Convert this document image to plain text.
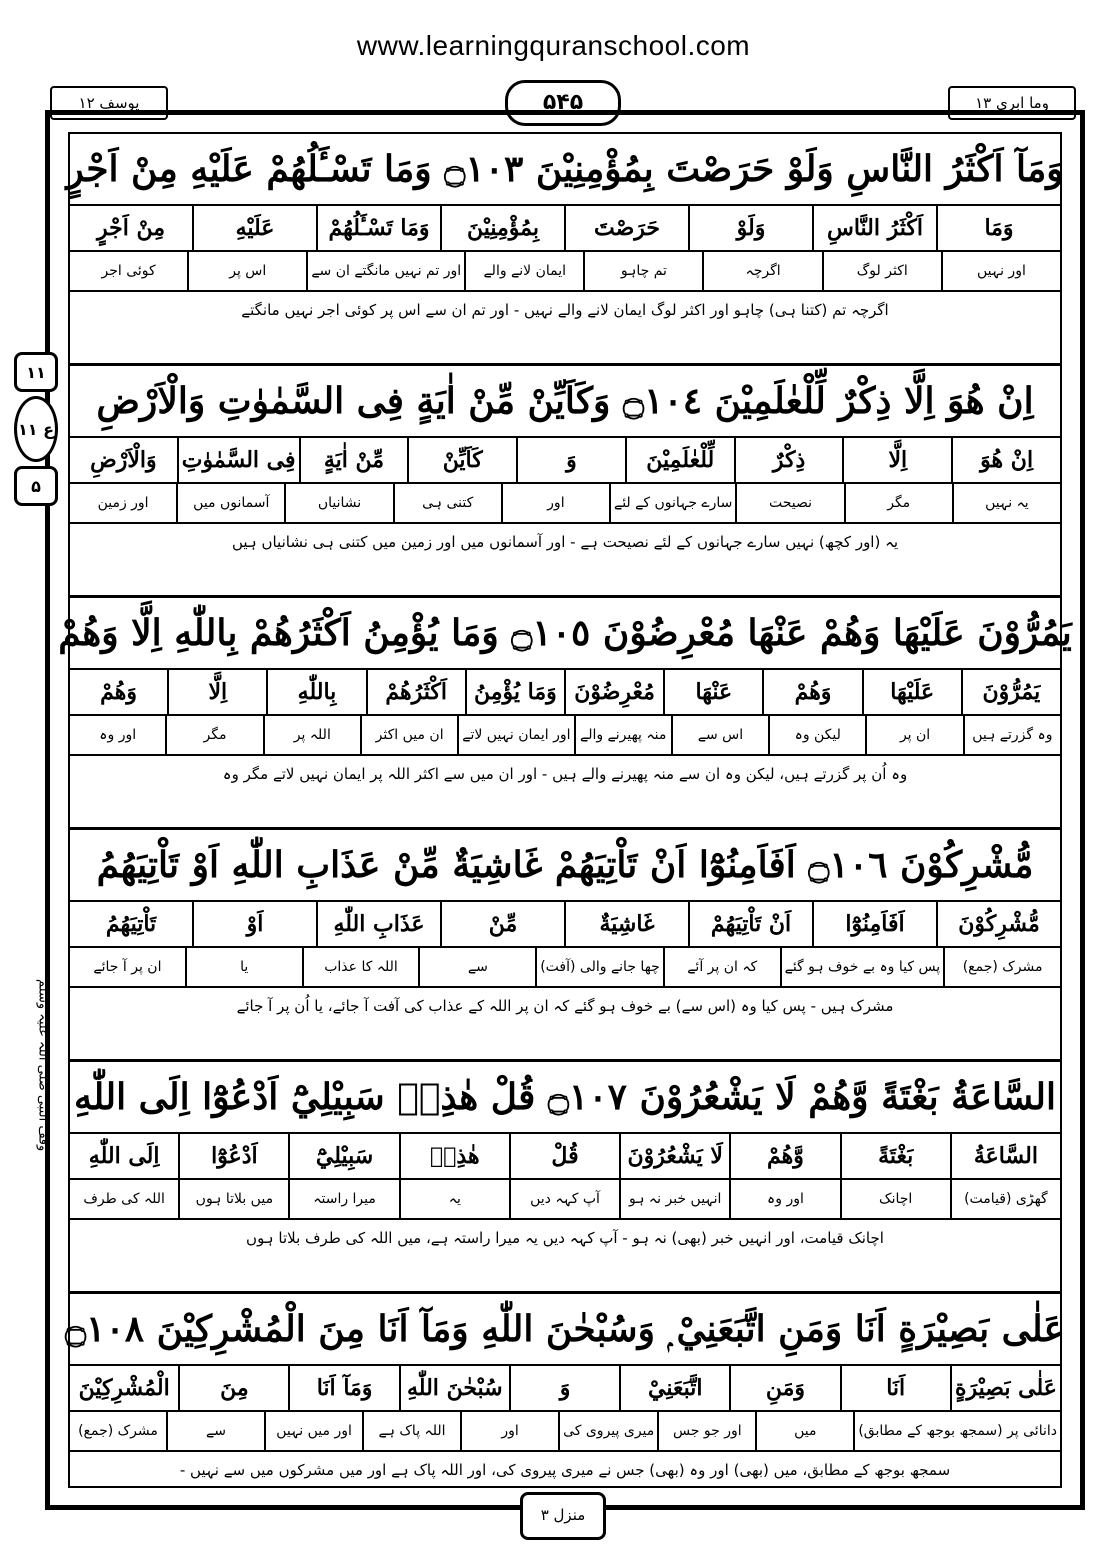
www.learningquranschool.com
وما ابری ۱۳
یوسف ۱۲	۵۴۵
وَمَآ اَكْثَرُ النَّاسِ وَلَوْ حَرَصْتَ بِمُؤْمِنِيْنَ ۝١٠٣ وَمَا تَسْـَٔلُهُمْ عَلَيْهِ مِنْ اَجْرٍ
وَمَا
اَكْثَرُ النَّاسِ
وَلَوْ
حَرَصْتَ
بِمُؤْمِنِيْنَ
وَمَا تَسْـَٔلُهُمْ
عَلَيْهِ
مِنْ اَجْرٍ
اور نہیں
اکثر لوگ
اگرچہ
تم چاہو
ایمان لانے والے
اور تم نہیں مانگتے ان سے
اس پر
کوئی اجر
اگرچہ تم (کتنا ہی) چاہو اور اکثر لوگ ایمان لانے والے نہیں - اور تم ان سے اس پر کوئی اجر نہیں مانگتے
اِنْ هُوَ اِلَّا ذِكْرٌ لِّلْعٰلَمِيْنَ ۝١٠٤ وَكَاَيِّنْ مِّنْ اٰيَةٍ فِى السَّمٰوٰتِ وَالْاَرْضِ
اِنْ هُوَ
اِلَّا
ذِكْرٌ
لِّلْعٰلَمِيْنَ
وَ
كَاَيِّنْ
مِّنْ اٰيَةٍ
فِى السَّمٰوٰتِ
وَالْاَرْضِ
یہ نہیں
مگر
نصیحت
سارے جہانوں کے لئے
اور
کتنی ہی
نشانیاں
آسمانوں میں
اور زمین
یہ (اور کچھ) نہیں سارے جہانوں کے لئے نصیحت ہے - اور آسمانوں میں اور زمین میں کتنی ہی نشانیاں ہیں
يَمُرُّوْنَ عَلَيْهَا وَهُمْ عَنْهَا مُعْرِضُوْنَ ۝١٠٥ وَمَا يُؤْمِنُ اَكْثَرُهُمْ بِاللّٰهِ اِلَّا وَهُمْ
يَمُرُّوْنَ
عَلَيْهَا
وَهُمْ
عَنْهَا
مُعْرِضُوْنَ
وَمَا يُؤْمِنُ
اَكْثَرُهُمْ
بِاللّٰهِ
اِلَّا
وَهُمْ
وہ گزرتے ہیں
ان پر
لیکن وہ
اس سے
منہ پھیرنے والے
اور ایمان نہیں لاتے
ان میں اکثر
اللہ پر
مگر
اور وہ
وہ اُن پر گزرتے ہیں، لیکن وہ ان سے منہ پھیرنے والے ہیں - اور ان میں سے اکثر اللہ پر ایمان نہیں لاتے مگر وہ
مُّشْرِكُوْنَ ۝١٠٦ اَفَاَمِنُوْٓا اَنْ تَاْتِيَهُمْ غَاشِيَةٌ مِّنْ عَذَابِ اللّٰهِ اَوْ تَاْتِيَهُمُ
مُّشْرِكُوْنَ
اَفَاَمِنُوْٓا
اَنْ تَاْتِيَهُمْ
غَاشِيَةٌ
مِّنْ
عَذَابِ اللّٰهِ
اَوْ
تَاْتِيَهُمُ
مشرک (جمع)
پس کیا وہ بے خوف ہو گئے
کہ ان پر آئے
چھا جانے والی (آفت)
سے
اللہ کا عذاب
یا
ان پر آ جائے
مشرک ہیں - پس کیا وہ (اس سے) بے خوف ہو گئے کہ ان پر اللہ کے عذاب کی آفت آ جائے، یا اُن پر آ جائے
السَّاعَةُ بَغْتَةً وَّهُمْ لَا يَشْعُرُوْنَ ۝١٠٧ قُلْ هٰذِهٖ سَبِيْلِيْٓ اَدْعُوْٓا اِلَى اللّٰهِ
السَّاعَةُ
بَغْتَةً
وَّهُمْ
لَا يَشْعُرُوْنَ
قُلْ
هٰذِهٖ
سَبِيْلِيْٓ
اَدْعُوْٓا
اِلَى اللّٰهِ
گھڑی (قیامت)
اچانک
اور وہ
انہیں خبر نہ ہو
آپ کہہ دیں
یہ
میرا راستہ
میں بلاتا ہوں
اللہ کی طرف
اچانک قیامت، اور انہیں خبر (بھی) نہ ہو - آپ کہہ دیں یہ میرا راستہ ہے، میں اللہ کی طرف بلاتا ہوں
عَلٰى بَصِيْرَةٍ اَنَا وَمَنِ اتَّبَعَنِيْ ۭ وَسُبْحٰنَ اللّٰهِ وَمَآ اَنَا مِنَ الْمُشْرِكِيْنَ ۝١٠٨
عَلٰى بَصِيْرَةٍ
اَنَا
وَمَنِ
اتَّبَعَنِيْ
وَ
سُبْحٰنَ اللّٰهِ
وَمَآ اَنَا
مِنَ
الْمُشْرِكِيْنَ
دانائی پر (سمجھ بوجھ کے مطابق)
میں
اور جو جس
میری پیروی کی
اور
اللہ پاک ہے
اور میں نہیں
سے
مشرک (جمع)
سمجھ بوجھ کے مطابق، میں (بھی) اور وہ (بھی) جس نے میری پیروی کی، اور اللہ پاک ہے اور میں مشرکوں میں سے نہیں -
۱۱
ع ۱۱
۵
وقف النبی صلی اللہ علیہ وسلم
منزل ۳
